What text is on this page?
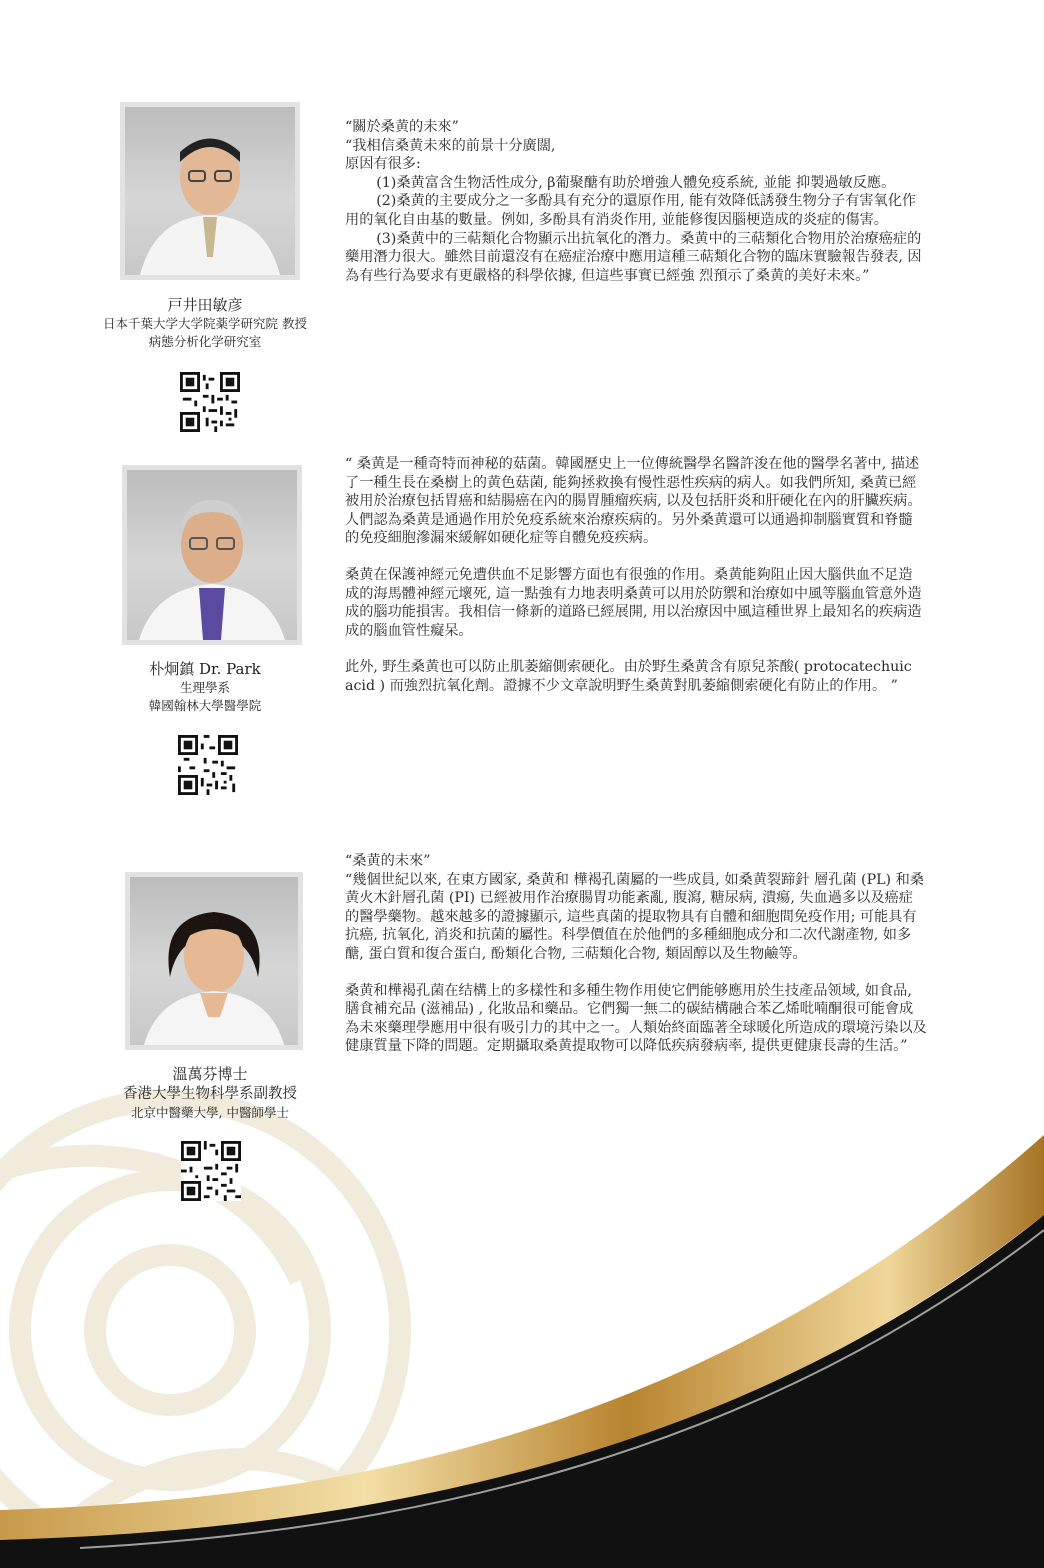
戸井田敏彦
日本千葉大学大学院薬学研究院 教授
病態分析化学研究室

“關於桑黄的未來”

“我相信桑黄未來的前景十分廣闊,

原因有很多:

(1)桑黄富含生物活性成分, β葡聚醣有助於增強人體免疫系統, 並能 抑製過敏反應。

(2)桑黄的主要成分之一多酚具有充分的還原作用, 能有效降低誘發生物分子有害氧化作用的氧化自由基的數量。例如, 多酚具有消炎作用, 並能修復因腦梗造成的炎症的傷害。

(3)桑黄中的三萜類化合物顯示出抗氧化的潛力。桑黄中的三萜類化合物用於治療癌症的藥用潛力很大。雖然目前還沒有在癌症治療中應用這種三萜類化合物的臨床實驗報告發表, 因為有些行為要求有更嚴格的科學依據, 但這些事實已經強 烈預示了桑黄的美好未來。”

朴炯鎮 Dr. Park
生理學系
韓國翰林大學醫學院

“ 桑黄是一種奇特而神秘的菇菌。韓國歷史上一位傳統醫學名醫許浚在他的醫學名著中, 描述了一種生長在桑樹上的黄色菇菌, 能夠拯救換有慢性惡性疾病的病人。如我們所知, 桑黄已經被用於治療包括胃癌和結腸癌在內的腸胃腫瘤疾病, 以及包括肝炎和肝硬化在內的肝臟疾病。人們認為桑黄是通過作用於免疫系統來治療疾病的。另外桑黄還可以通過抑制腦實質和脊髓的免疫細胞滲漏來緩解如硬化症等自體免疫疾病。

桑黄在保護神經元免遭供血不足影響方面也有很強的作用。桑黄能夠阻止因大腦供血不足造成的海馬體神經元壞死, 這一點強有力地表明桑黄可以用於防禦和治療如中風等腦血管意外造成的腦功能損害。我相信一條新的道路已經展開, 用以治療因中風這種世界上最知名的疾病造成的腦血管性癡呆。

此外, 野生桑黄也可以防止肌萎縮側索硬化。由於野生桑黄含有原兒茶酸( protocatechuic acid ) 而強烈抗氧化劑。證據不少文章說明野生桑黄對肌萎縮側索硬化有防止的作用。 ”

溫萬芬博士
香港大學生物科學系副教授
北京中醫藥大學, 中醫師學士

“桑黄的未來”

“幾個世紀以來, 在東方國家, 桑黄和 樺褐孔菌屬的一些成員, 如桑黄裂蹄針 層孔菌 (PL) 和桑黄火木針層孔菌 (PI) 已經被用作治療腸胃功能紊亂, 腹瀉, 糖尿病, 潰瘍, 失血過多以及癌症的醫學藥物。越來越多的證據顯示, 這些真菌的提取物具有自體和細胞間免疫作用; 可能具有抗癌, 抗氧化, 消炎和抗菌的屬性。科學價值在於他們的多種細胞成分和二次代謝產物, 如多醣, 蛋白質和復合蛋白, 酚類化合物, 三萜類化合物, 類固醇以及生物鹼等。

桑黄和樺褐孔菌在结構上的多樣性和多種生物作用使它們能够應用於生技產品领域, 如食品, 膳食補充品 (滋補品) , 化妝品和藥品。它們獨一無二的碳結構融合苯乙烯吡喃酮很可能會成為未來藥理學應用中很有吸引力的其中之一。人類始終面臨著全球暖化所造成的環境污染以及健康質量下降的問題。定期攝取桑黄提取物可以降低疾病發病率, 提供更健康長壽的生活。”
